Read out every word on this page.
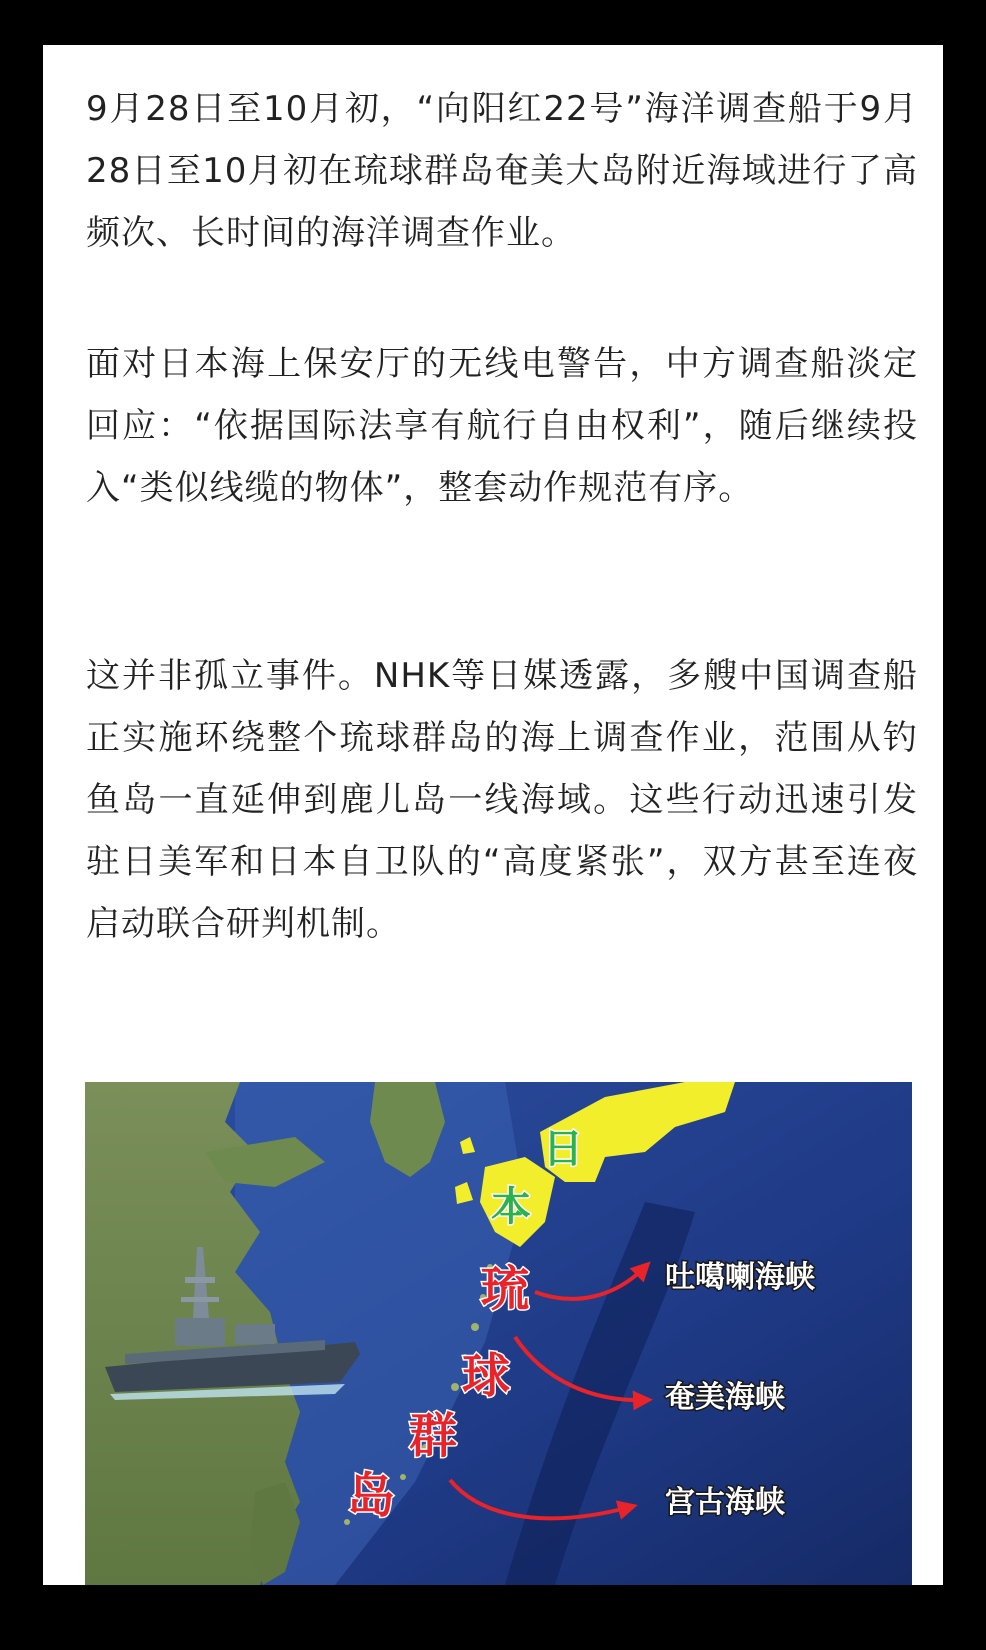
9月28日至10月初，“向阳红22号”海洋调查船于9月28日至10月初在琉球群岛奄美大岛附近海域进行了高频次、长时间的海洋调查作业。

面对日本海上保安厅的无线电警告，中方调查船淡定回应：“依据国际法享有航行自由权利”，随后继续投入“类似线缆的物体”，整套动作规范有序。

这并非孤立事件。NHK等日媒透露，多艘中国调查船正实施环绕整个琉球群岛的海上调查作业，范围从钓鱼岛一直延伸到鹿儿岛一线海域。这些行动迅速引发驻日美军和日本自卫队的“高度紧张”，双方甚至连夜启动联合研判机制。

日
本
琉
球
群
岛
吐噶喇海峡
奄美海峡
宫古海峡
